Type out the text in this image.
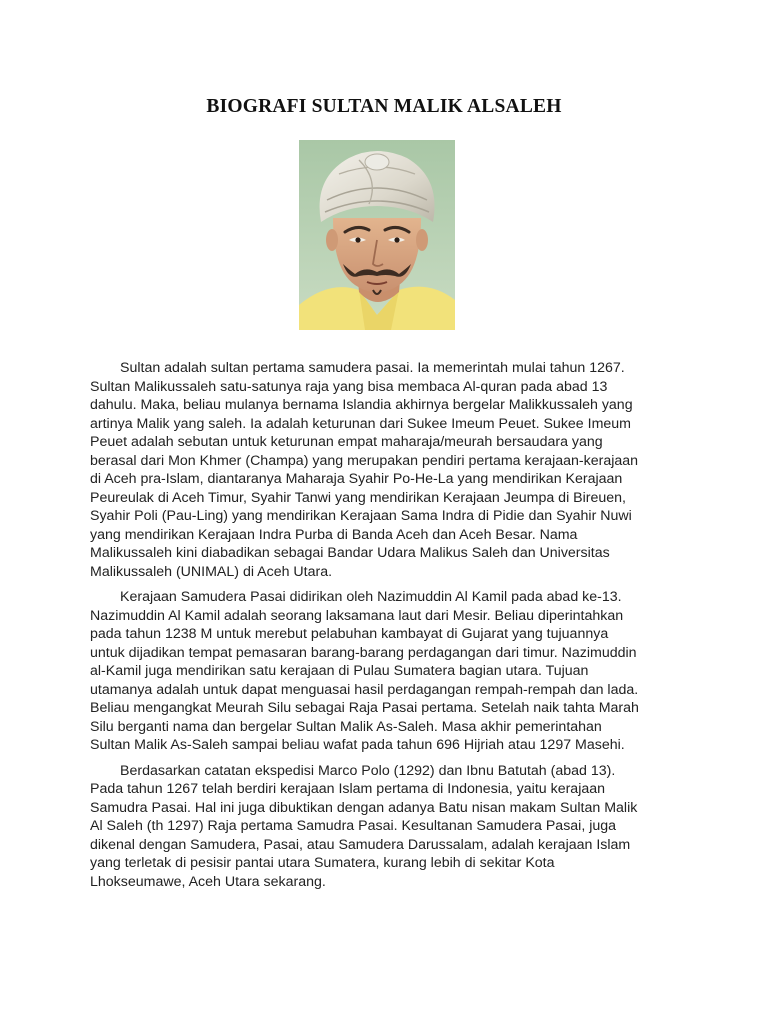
BIOGRAFI SULTAN MALIK ALSALEH

Sultan adalah sultan pertama samudera pasai. Ia memerintah mulai tahun 1267.
Sultan Malikussaleh satu-satunya raja yang bisa membaca Al-quran pada abad 13
dahulu. Maka, beliau mulanya bernama Islandia akhirnya bergelar Malikkussaleh yang
artinya Malik yang saleh. Ia adalah keturunan dari Sukee Imeum Peuet. Sukee Imeum
Peuet adalah sebutan untuk keturunan empat maharaja/meurah bersaudara yang
berasal dari Mon Khmer (Champa) yang merupakan pendiri pertama kerajaan-kerajaan
di Aceh pra-Islam, diantaranya Maharaja Syahir Po-He-La yang mendirikan Kerajaan
Peureulak di Aceh Timur, Syahir Tanwi yang mendirikan Kerajaan Jeumpa di Bireuen,
Syahir Poli (Pau-Ling) yang mendirikan Kerajaan Sama Indra di Pidie dan Syahir Nuwi
yang mendirikan Kerajaan Indra Purba di Banda Aceh dan Aceh Besar. Nama
Malikussaleh kini diabadikan sebagai Bandar Udara Malikus Saleh dan Universitas
Malikussaleh (UNIMAL) di Aceh Utara.

Kerajaan Samudera Pasai didirikan oleh Nazimuddin Al Kamil pada abad ke-13.
Nazimuddin Al Kamil adalah seorang laksamana laut dari Mesir. Beliau diperintahkan
pada tahun 1238 M untuk merebut pelabuhan kambayat di Gujarat yang tujuannya
untuk dijadikan tempat pemasaran barang-barang perdagangan dari timur. Nazimuddin
al-Kamil juga mendirikan satu kerajaan di Pulau Sumatera bagian utara. Tujuan
utamanya adalah untuk dapat menguasai hasil perdagangan rempah-rempah dan lada.
Beliau mengangkat Meurah Silu sebagai Raja Pasai pertama. Setelah naik tahta Marah
Silu berganti nama dan bergelar Sultan Malik As-Saleh. Masa akhir pemerintahan
Sultan Malik As-Saleh sampai beliau wafat pada tahun 696 Hijriah atau 1297 Masehi.

Berdasarkan catatan ekspedisi Marco Polo (1292) dan Ibnu Batutah (abad 13).
Pada tahun 1267 telah berdiri kerajaan Islam pertama di Indonesia, yaitu kerajaan
Samudra Pasai. Hal ini juga dibuktikan dengan adanya Batu nisan makam Sultan Malik
Al Saleh (th 1297) Raja pertama Samudra Pasai. Kesultanan Samudera Pasai, juga
dikenal dengan Samudera, Pasai, atau Samudera Darussalam, adalah kerajaan Islam
yang terletak di pesisir pantai utara Sumatera, kurang lebih di sekitar Kota
Lhokseumawe, Aceh Utara sekarang.
